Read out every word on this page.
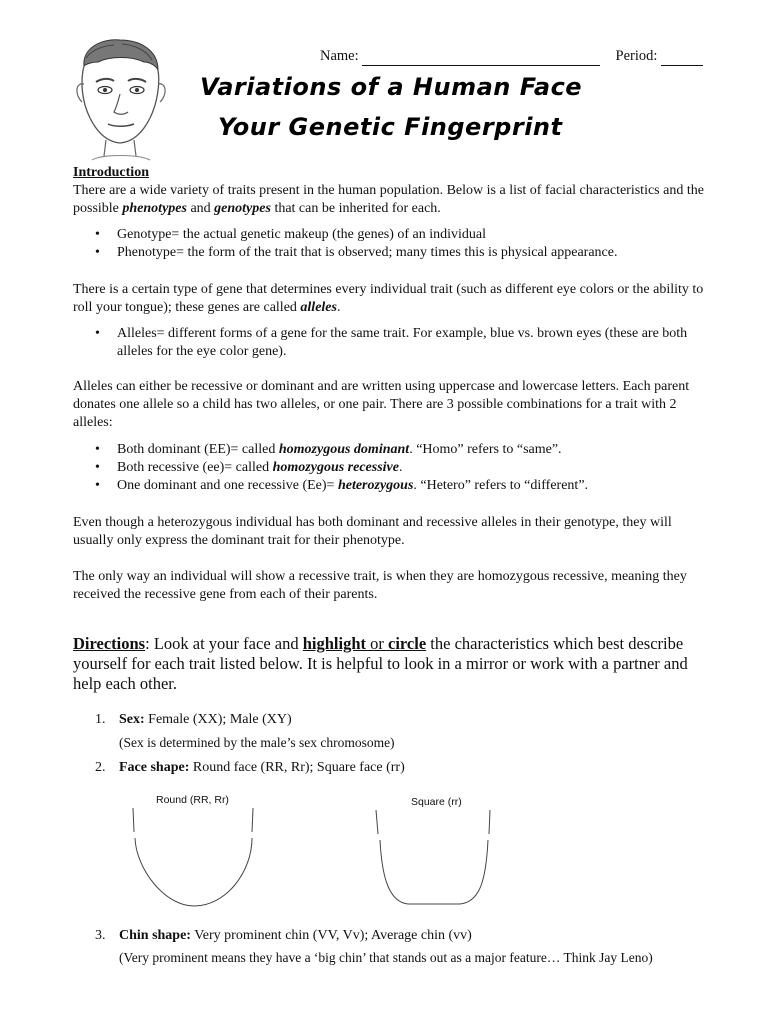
Name:	Period:
Variations of a Human Face
Your Genetic Fingerprint
Introduction
There are a wide variety of traits present in the human population. Below is a list of facial characteristics and the possible phenotypes and genotypes that can be inherited for each.
• Genotype= the actual genetic makeup (the genes) of an individual
• Phenotype= the form of the trait that is observed; many times this is physical appearance.
There is a certain type of gene that determines every individual trait (such as different eye colors or the ability to roll your tongue); these genes are called alleles.
• Alleles= different forms of a gene for the same trait. For example, blue vs. brown eyes (these are both alleles for the eye color gene).
Alleles can either be recessive or dominant and are written using uppercase and lowercase letters. Each parent donates one allele so a child has two alleles, or one pair. There are 3 possible combinations for a trait with 2 alleles:
• Both dominant (EE)= called homozygous dominant. “Homo” refers to “same”.
• Both recessive (ee)= called homozygous recessive.
• One dominant and one recessive (Ee)= heterozygous. “Hetero” refers to “different”.
Even though a heterozygous individual has both dominant and recessive alleles in their genotype, they will usually only express the dominant trait for their phenotype.
The only way an individual will show a recessive trait, is when they are homozygous recessive, meaning they received the recessive gene from each of their parents.
Directions: Look at your face and highlight or circle the characteristics which best describe yourself for each trait listed below. It is helpful to look in a mirror or work with a partner and help each other.
1. Sex: Female (XX); Male (XY)
(Sex is determined by the male’s sex chromosome)
2. Face shape: Round face (RR, Rr); Square face (rr)
Round (RR, Rr)	Square (rr)
3. Chin shape: Very prominent chin (VV, Vv); Average chin (vv)
(Very prominent means they have a ‘big chin’ that stands out as a major feature… Think Jay Leno)
